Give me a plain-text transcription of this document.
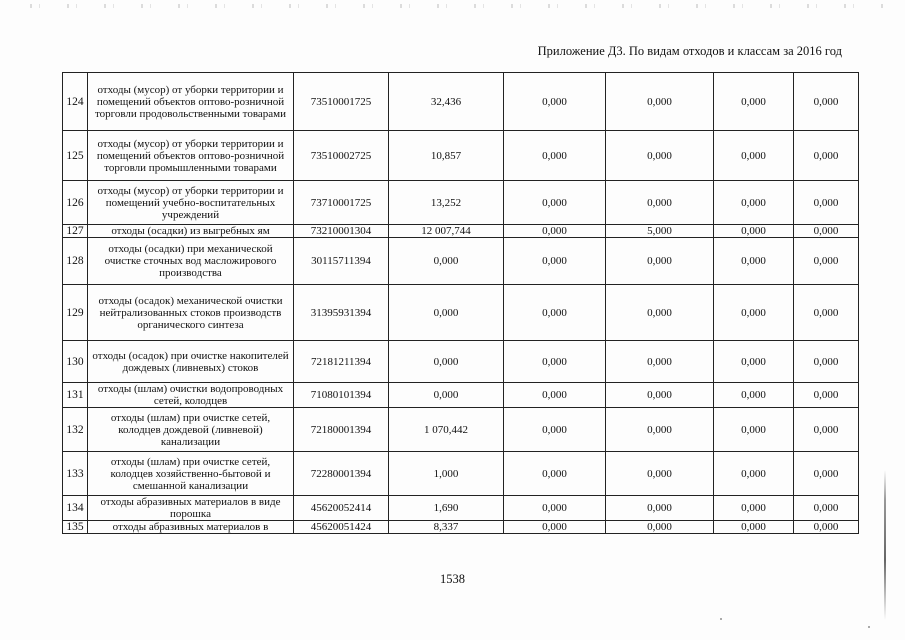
Приложение Д3. По видам отходов и классам за 2016 год
124	отходы (мусор) от уборки территории и помещений объектов оптово-розничной торговли продовольственными товарами	73510001725	32,436	0,000	0,000	0,000	0,000
125	отходы (мусор) от уборки территории и помещений объектов оптово-розничной торговли промышленными товарами	73510002725	10,857	0,000	0,000	0,000	0,000
126	отходы (мусор) от уборки территории и помещений учебно-воспитательных учреждений	73710001725	13,252	0,000	0,000	0,000	0,000
127	отходы (осадки) из выгребных ям	73210001304	12 007,744	0,000	5,000	0,000	0,000
128	отходы (осадки) при механической очистке сточных вод масложирового производства	30115711394	0,000	0,000	0,000	0,000	0,000
129	отходы (осадок) механической очистки нейтрализованных стоков производств органического синтеза	31395931394	0,000	0,000	0,000	0,000	0,000
130	отходы (осадок) при очистке накопителей дождевых (ливневых) стоков	72181211394	0,000	0,000	0,000	0,000	0,000
131	отходы (шлам) очистки водопроводных сетей, колодцев	71080101394	0,000	0,000	0,000	0,000	0,000
132	отходы (шлам) при очистке сетей, колодцев дождевой (ливневой) канализации	72180001394	1 070,442	0,000	0,000	0,000	0,000
133	отходы (шлам) при очистке сетей, колодцев хозяйственно-бытовой и смешанной канализации	72280001394	1,000	0,000	0,000	0,000	0,000
134	отходы абразивных материалов в виде порошка	45620052414	1,690	0,000	0,000	0,000	0,000
135	отходы абразивных материалов в	45620051424	8,337	0,000	0,000	0,000	0,000
1538
